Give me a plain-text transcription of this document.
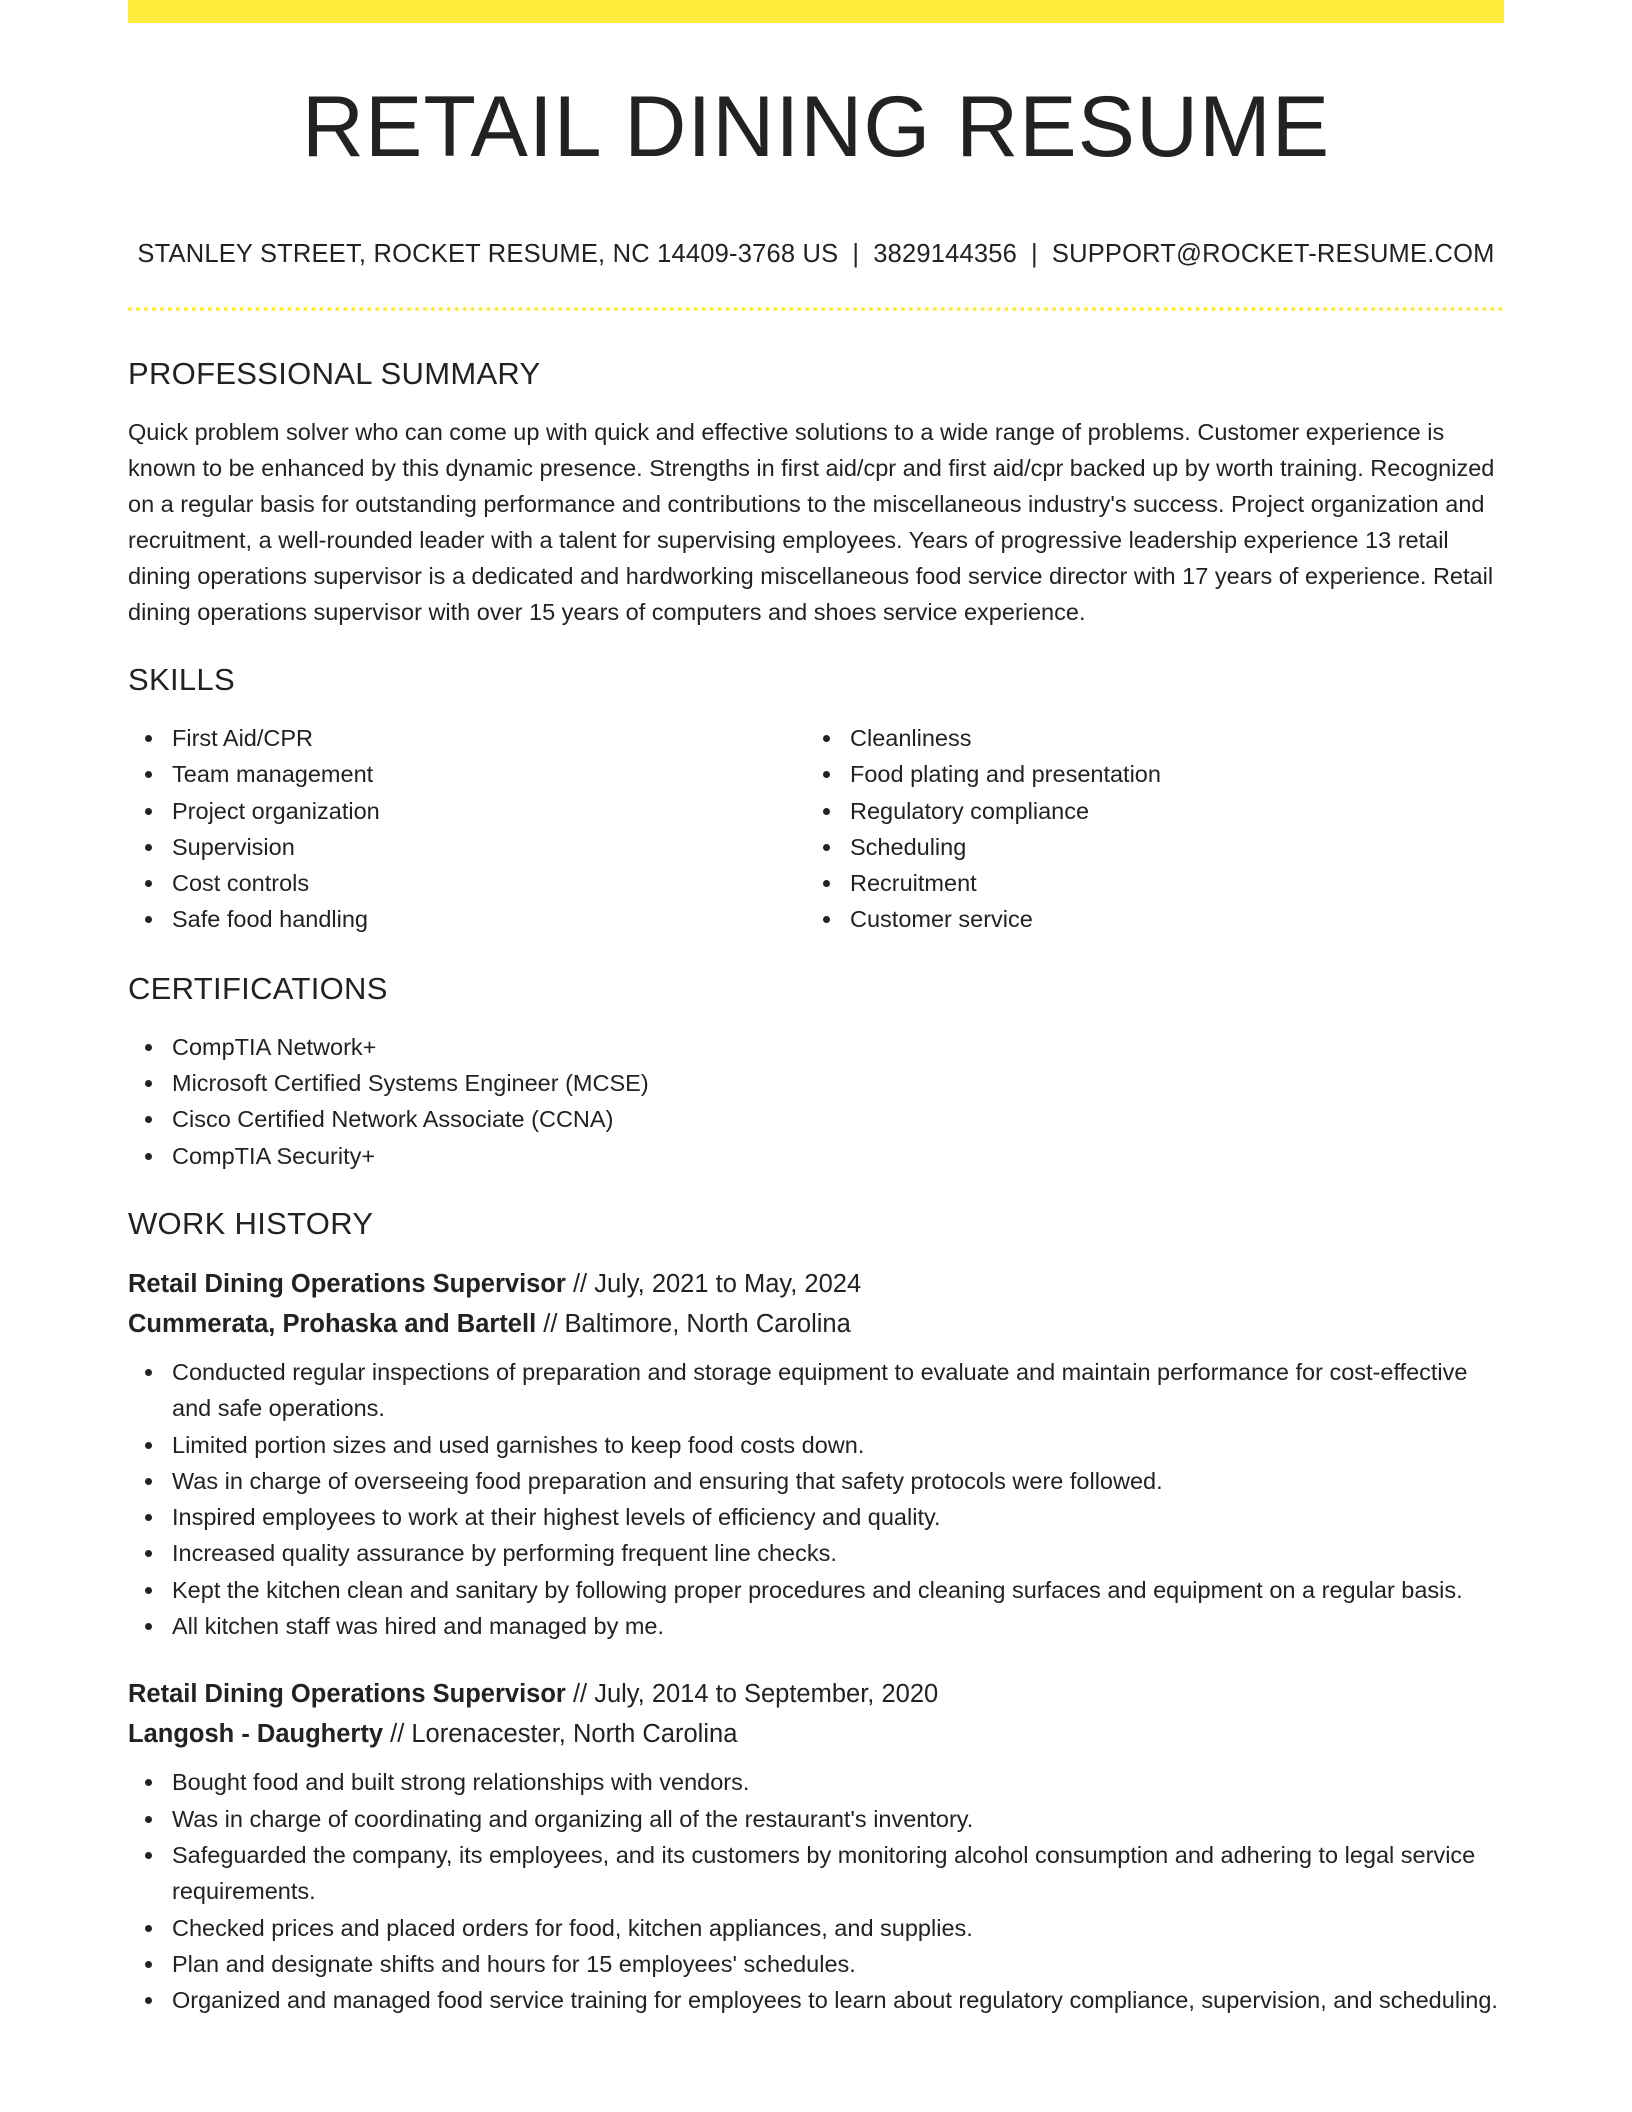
RETAIL DINING RESUME
STANLEY STREET, ROCKET RESUME, NC 14409-3768 US | 3829144356 | SUPPORT@ROCKET-RESUME.COM
PROFESSIONAL SUMMARY

Quick problem solver who can come up with quick and effective solutions to a wide range of problems. Customer experience is known to be enhanced by this dynamic presence. Strengths in first aid/cpr and first aid/cpr backed up by worth training. Recognized on a regular basis for outstanding performance and contributions to the miscellaneous industry's success. Project organization and recruitment, a well-rounded leader with a talent for supervising employees. Years of progressive leadership experience 13 retail dining operations supervisor is a dedicated and hardworking miscellaneous food service director with 17 years of experience. Retail dining operations supervisor with over 15 years of computers and shoes service experience.

SKILLS
First Aid/CPR
Team management
Project organization
Supervision
Cost controls
Safe food handling
Cleanliness
Food plating and presentation
Regulatory compliance
Scheduling
Recruitment
Customer service
CERTIFICATIONS
CompTIA Network+
Microsoft Certified Systems Engineer (MCSE)
Cisco Certified Network Associate (CCNA)
CompTIA Security+
WORK HISTORY
Retail Dining Operations Supervisor // July, 2021 to May, 2024
Cummerata, Prohaska and Bartell // Baltimore, North Carolina
Conducted regular inspections of preparation and storage equipment to evaluate and maintain performance for cost-effective and safe operations.
Limited portion sizes and used garnishes to keep food costs down.
Was in charge of overseeing food preparation and ensuring that safety protocols were followed.
Inspired employees to work at their highest levels of efficiency and quality.
Increased quality assurance by performing frequent line checks.
Kept the kitchen clean and sanitary by following proper procedures and cleaning surfaces and equipment on a regular basis.
All kitchen staff was hired and managed by me.
Retail Dining Operations Supervisor // July, 2014 to September, 2020
Langosh - Daugherty // Lorenacester, North Carolina
Bought food and built strong relationships with vendors.
Was in charge of coordinating and organizing all of the restaurant's inventory.
Safeguarded the company, its employees, and its customers by monitoring alcohol consumption and adhering to legal service requirements.
Checked prices and placed orders for food, kitchen appliances, and supplies.
Plan and designate shifts and hours for 15 employees' schedules.
Organized and managed food service training for employees to learn about regulatory compliance, supervision, and scheduling.
